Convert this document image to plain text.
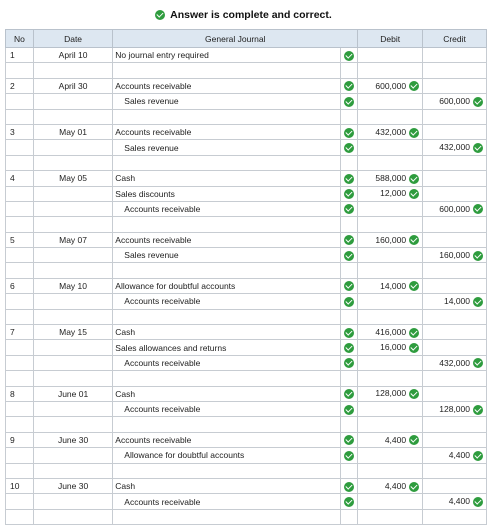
Answer is complete and correct.
No	Date	General Journal		Debit	Credit
1	April 10	No journal entry required			

2	April 30	Accounts receivable		600,000	
		Sales revenue			600,000

3	May 01	Accounts receivable		432,000	
		Sales revenue			432,000

4	May 05	Cash		588,000	
		Sales discounts		12,000	
		Accounts receivable			600,000

5	May 07	Accounts receivable		160,000	
		Sales revenue			160,000

6	May 10	Allowance for doubtful accounts		14,000	
		Accounts receivable			14,000

7	May 15	Cash		416,000	
		Sales allowances and returns		16,000	
		Accounts receivable			432,000

8	June 01	Cash		128,000	
		Accounts receivable			128,000

9	June 30	Accounts receivable		4,400	
		Allowance for doubtful accounts			4,400

10	June 30	Cash		4,400	
		Accounts receivable			4,400
